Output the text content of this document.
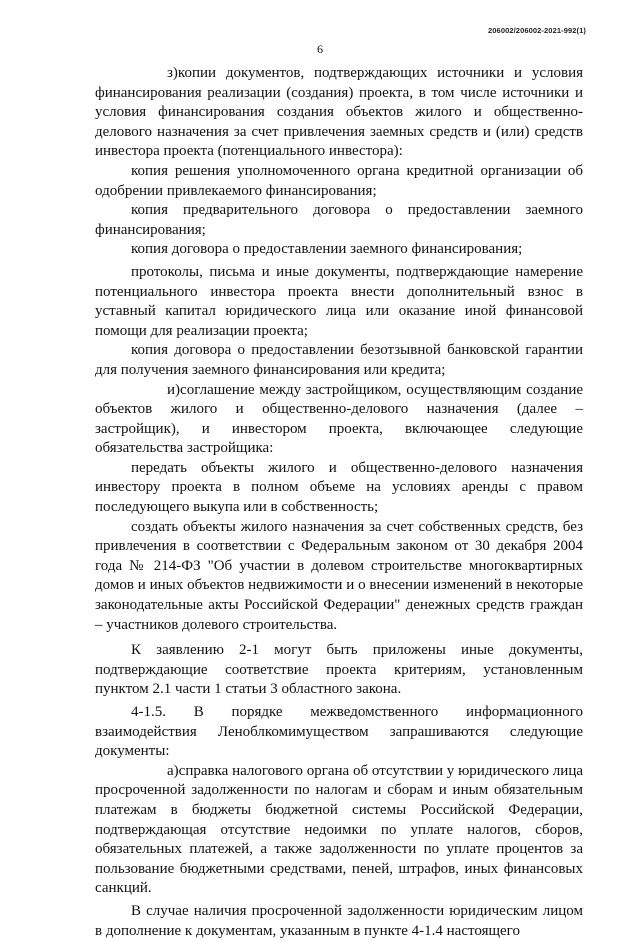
206002/206002-2021-992(1)
6

з)копии документов, подтверждающих источники и условия финансирования реализации (создания) проекта, в том числе источники и условия финансирования создания объектов жилого и общественно-делового назначения за счет привлечения заемных средств и (или) средств инвестора проекта (потенциального инвестора):

копия решения уполномоченного органа кредитной организации об одобрении привлекаемого финансирования;

копия предварительного договора о предоставлении заемного финансирования;

копия договора о предоставлении заемного финансирования;

протоколы, письма и иные документы, подтверждающие намерение потенциального инвестора проекта внести дополнительный взнос в уставный капитал юридического лица или оказание иной финансовой помощи для реализации проекта;

копия договора о предоставлении безотзывной банковской гарантии для получения заемного финансирования или кредита;

и)соглашение между застройщиком, осуществляющим создание объектов жилого и общественно-делового назначения (далее – застройщик), и инвестором проекта, включающее следующие обязательства застройщика:

передать объекты жилого и общественно-делового назначения инвестору проекта в полном объеме на условиях аренды с правом последующего выкупа или в собственность;

создать объекты жилого назначения за счет собственных средств, без привлечения в соответствии с Федеральным законом от 30 декабря 2004 года № 214-ФЗ "Об участии в долевом строительстве многоквартирных домов и иных объектов недвижимости и о внесении изменений в некоторые законодательные акты Российской Федерации" денежных средств граждан – участников долевого строительства.

К заявлению 2-1 могут быть приложены иные документы, подтверждающие соответствие проекта критериям, установленным пунктом 2.1 части 1 статьи 3 областного закона.

4-1.5. В порядке межведомственного информационного взаимодействия Леноблкомимуществом запрашиваются следующие документы:

а)справка налогового органа об отсутствии у юридического лица просроченной задолженности по налогам и сборам и иным обязательным платежам в бюджеты бюджетной системы Российской Федерации, подтверждающая отсутствие недоимки по уплате налогов, сборов, обязательных платежей, а также задолженности по уплате процентов за пользование бюджетными средствами, пеней, штрафов, иных финансовых санкций.

В случае наличия просроченной задолженности юридическим лицом в дополнение к документам, указанным в пункте 4-1.4 настоящего
